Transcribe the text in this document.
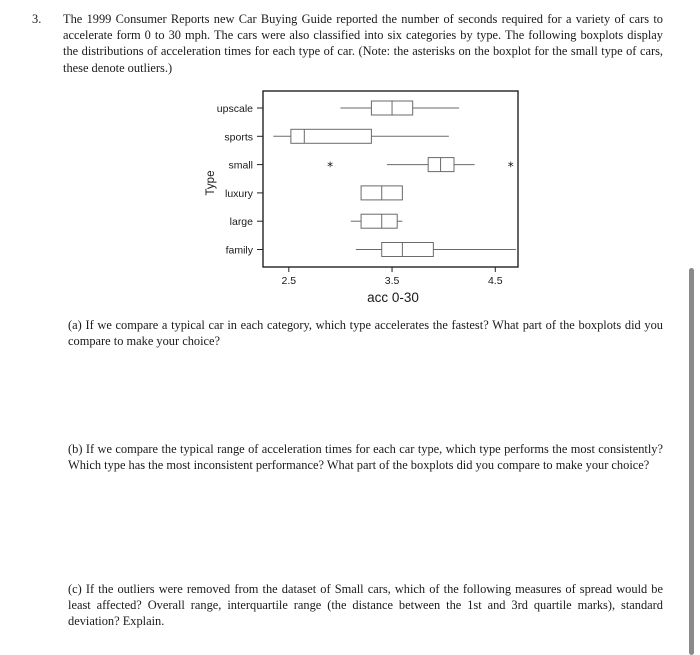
3. The 1999 Consumer Reports new Car Buying Guide reported the number of seconds required for a variety of cars to accelerate form 0 to 30 mph. The cars were also classified into six categories by type. The following boxplots display the distributions of acceleration times for each type of car. (Note: the asterisks on the boxplot for the small type of cars, these denote outliers.)
upscale
sports
small
luxury
large
family
2.5	3.5	4.5
*	*
acc 0-30
Type
(a) If we compare a typical car in each category, which type accelerates the fastest? What part of the boxplots did you compare to make your choice?
(b) If we compare the typical range of acceleration times for each car type, which type performs the most consistently? Which type has the most inconsistent performance? What part of the boxplots did you compare to make your choice?
(c) If the outliers were removed from the dataset of Small cars, which of the following measures of spread would be least affected? Overall range, interquartile range (the distance between the 1st and 3rd quartile marks), standard deviation? Explain.
